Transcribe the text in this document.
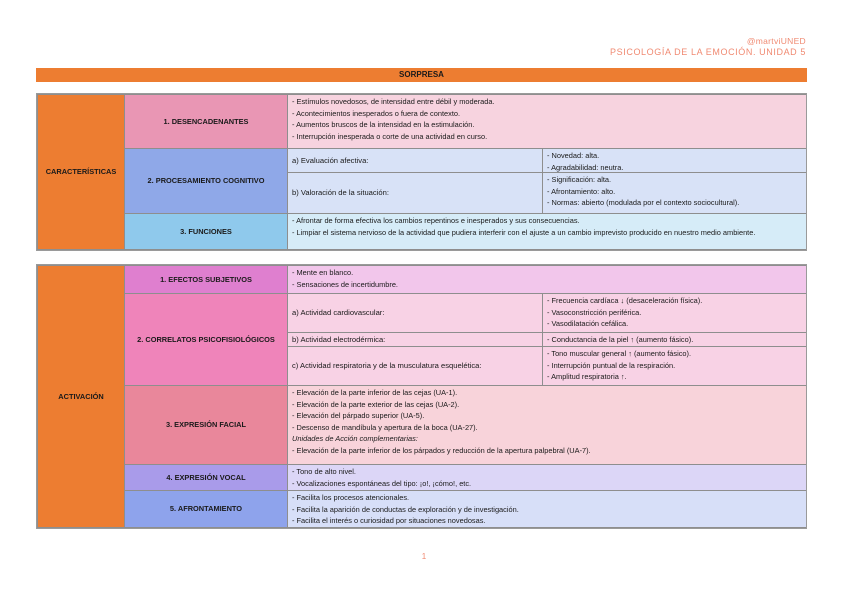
@martviUNED
PSICOLOGÍA DE LA EMOCIÓN. UNIDAD 5
SORPRESA
CARACTERÍSTICAS
1. DESENCADENANTES
- Estímulos novedosos, de intensidad entre débil y moderada.
- Acontecimientos inesperados o fuera de contexto.
- Aumentos bruscos de la intensidad en la estimulación.
- Interrupción inesperada o corte de una actividad en curso.
2. PROCESAMIENTO COGNITIVO
a) Evaluación afectiva:
- Novedad: alta.
- Agradabilidad: neutra.
b) Valoración de la situación:
- Significación: alta.
- Afrontamiento: alto.
- Normas: abierto (modulada por el contexto sociocultural).
3. FUNCIONES
- Afrontar de forma efectiva los cambios repentinos e inesperados y sus consecuencias.
- Limpiar el sistema nervioso de la actividad que pudiera interferir con el ajuste a un cambio imprevisto producido en nuestro medio ambiente.
ACTIVACIÓN
1. EFECTOS SUBJETIVOS
- Mente en blanco.
- Sensaciones de incertidumbre.
2. CORRELATOS PSICOFISIOLÓGICOS
a) Actividad cardiovascular:
- Frecuencia cardíaca ↓ (desaceleración física).
- Vasoconstricción periférica.
- Vasodilatación cefálica.
b) Actividad electrodérmica:	- Conductancia de la piel ↑ (aumento fásico).
c) Actividad respiratoria y de la musculatura esquelética:
- Tono muscular general ↑ (aumento fásico).
- Interrupción puntual de la respiración.
- Amplitud respiratoria ↑.
3. EXPRESIÓN FACIAL
- Elevación de la parte inferior de las cejas (UA-1).
- Elevación de la parte exterior de las cejas (UA-2).
- Elevación del párpado superior (UA-5).
- Descenso de mandíbula y apertura de la boca (UA-27).
Unidades de Acción complementarias:
- Elevación de la parte inferior de los párpados y reducción de la apertura palpebral (UA-7).
4. EXPRESIÓN VOCAL
- Tono de alto nivel.
- Vocalizaciones espontáneas del tipo: ¡o!, ¡cómo!, etc.
5. AFRONTAMIENTO
- Facilita los procesos atencionales.
- Facilita la aparición de conductas de exploración y de investigación.
- Facilita el interés o curiosidad por situaciones novedosas.
1
